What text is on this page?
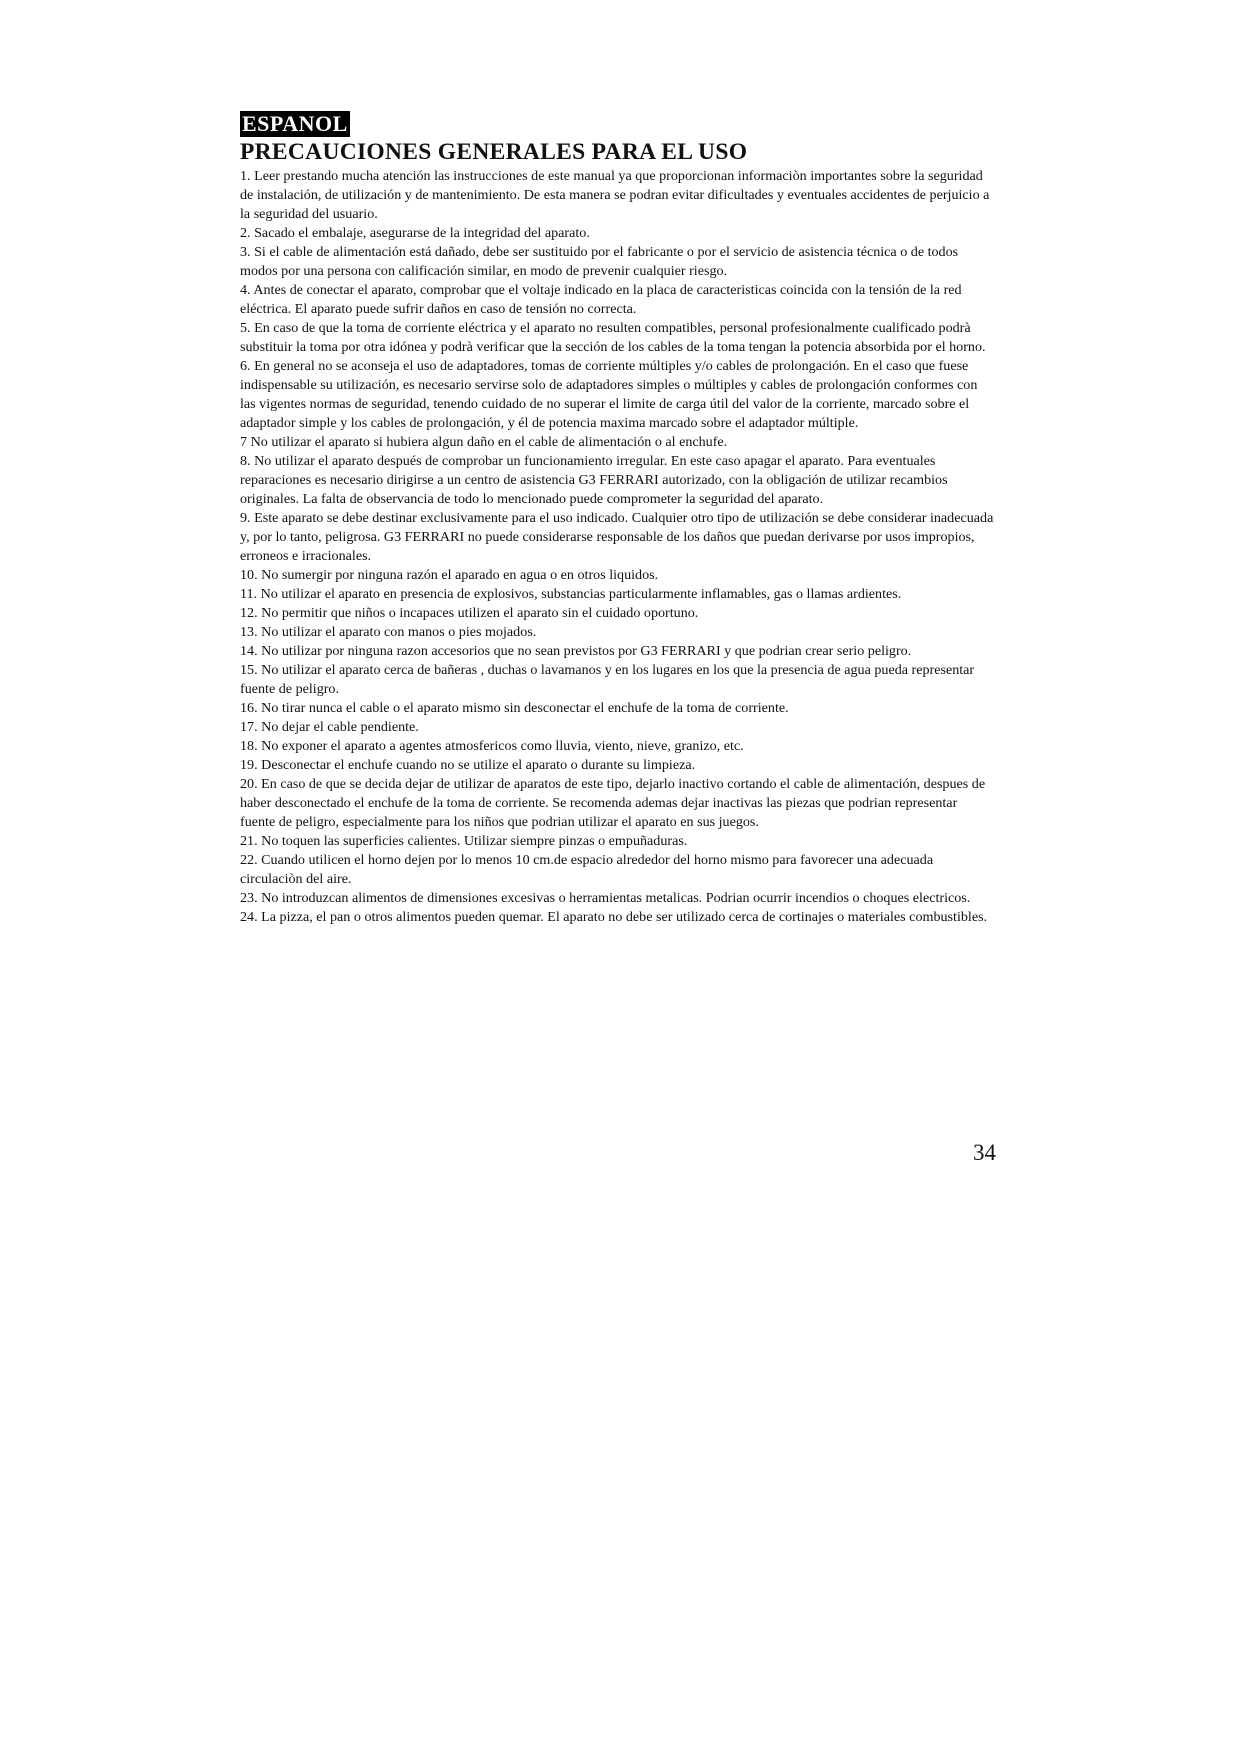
ESPANOL
PRECAUCIONES GENERALES PARA EL USO
1. Leer prestando mucha atención las instrucciones de este manual ya que proporcionan informaciòn importantes sobre la seguridad de instalación, de utilización y de mantenimiento. De esta manera se podran evitar dificultades y eventuales accidentes de perjuicio a la seguridad del usuario.
2. Sacado el embalaje, asegurarse de la integridad del aparato.
3. Si el cable de alimentación está dañado, debe ser sustituido por el fabricante o por el servicio de asistencia técnica o de todos modos por una persona con calificación similar, en modo de prevenir cualquier riesgo.
4. Antes de conectar el aparato, comprobar que el voltaje indicado en la placa de caracteristicas coincida con la tensión de la red eléctrica. El aparato puede sufrir daños en caso de tensión no correcta.
5. En caso de que la toma de corriente eléctrica y el aparato no resulten compatibles, personal profesionalmente cualificado podrà substituir la toma por otra idónea y podrà verificar que la sección de los cables de la toma tengan la potencia absorbida por el horno.
6. En general no se aconseja el uso de adaptadores, tomas de corriente múltiples y/o cables de prolongación. En el caso que fuese indispensable su utilización, es necesario servirse solo de adaptadores simples o múltiples y cables de prolongación conformes con las vigentes normas de seguridad, tenendo cuidado de no superar el limite de carga útil del valor de la corriente, marcado sobre el adaptador simple y los cables de prolongación, y él de potencia maxima marcado sobre el adaptador múltiple.
7 No utilizar el aparato si hubiera algun daño en el cable de alimentación o al enchufe.
8. No utilizar el aparato después de comprobar un funcionamiento irregular. En este caso apagar el aparato. Para eventuales reparaciones es necesario dirigirse a un centro de asistencia G3 FERRARI autorizado, con la obligación de utilizar recambios originales. La falta de observancia de todo lo mencionado puede comprometer la seguridad del aparato.
9. Este aparato se debe destinar exclusivamente para el uso indicado. Cualquier otro tipo de utilización se debe considerar inadecuada y, por lo tanto, peligrosa. G3 FERRARI no puede considerarse responsable de los daños que puedan derivarse por usos impropios, erroneos e irracionales.
10. No sumergir por ninguna razón el aparado en agua o en otros liquidos.
11. No utilizar el aparato en presencia de explosivos, substancias particularmente inflamables, gas o llamas ardientes.
12. No permitir que niños o incapaces utilizen el aparato sin el cuidado oportuno.
13. No utilizar el aparato con manos o pies mojados.
14. No utilizar por ninguna razon accesorios que no sean previstos por G3 FERRARI y que podrian crear serio peligro.
15. No utilizar el aparato cerca de bañeras , duchas o lavamanos y en los lugares en los que la presencia de agua pueda representar fuente de peligro.
16. No tirar nunca el cable o el aparato mismo sin desconectar el enchufe de la toma de corriente.
17. No dejar el cable pendiente.
18. No exponer el aparato a agentes atmosfericos como lluvia, viento, nieve, granizo, etc.
19. Desconectar el enchufe cuando no se utilize el aparato o durante su limpieza.
20. En caso de que se decida dejar de utilizar de aparatos de este tipo, dejarlo inactivo cortando el cable de alimentación, despues de haber desconectado el enchufe de la toma de corriente. Se recomenda ademas dejar inactivas las piezas que podrian representar fuente de peligro, especialmente para los niños que podrian utilizar el aparato en sus juegos.
21. No toquen las superficies calientes. Utilizar siempre pinzas o empuñaduras.
22. Cuando utilicen el horno dejen por lo menos 10 cm.de espacio alrededor del horno mismo para favorecer una adecuada circulaciòn del aire.
23. No introduzcan alimentos de dimensiones excesivas o herramientas metalicas. Podrian ocurrir incendios o choques electricos.
24. La pizza, el pan o otros alimentos pueden quemar. El aparato no debe ser utilizado cerca de cortinajes o materiales combustibles.
34
